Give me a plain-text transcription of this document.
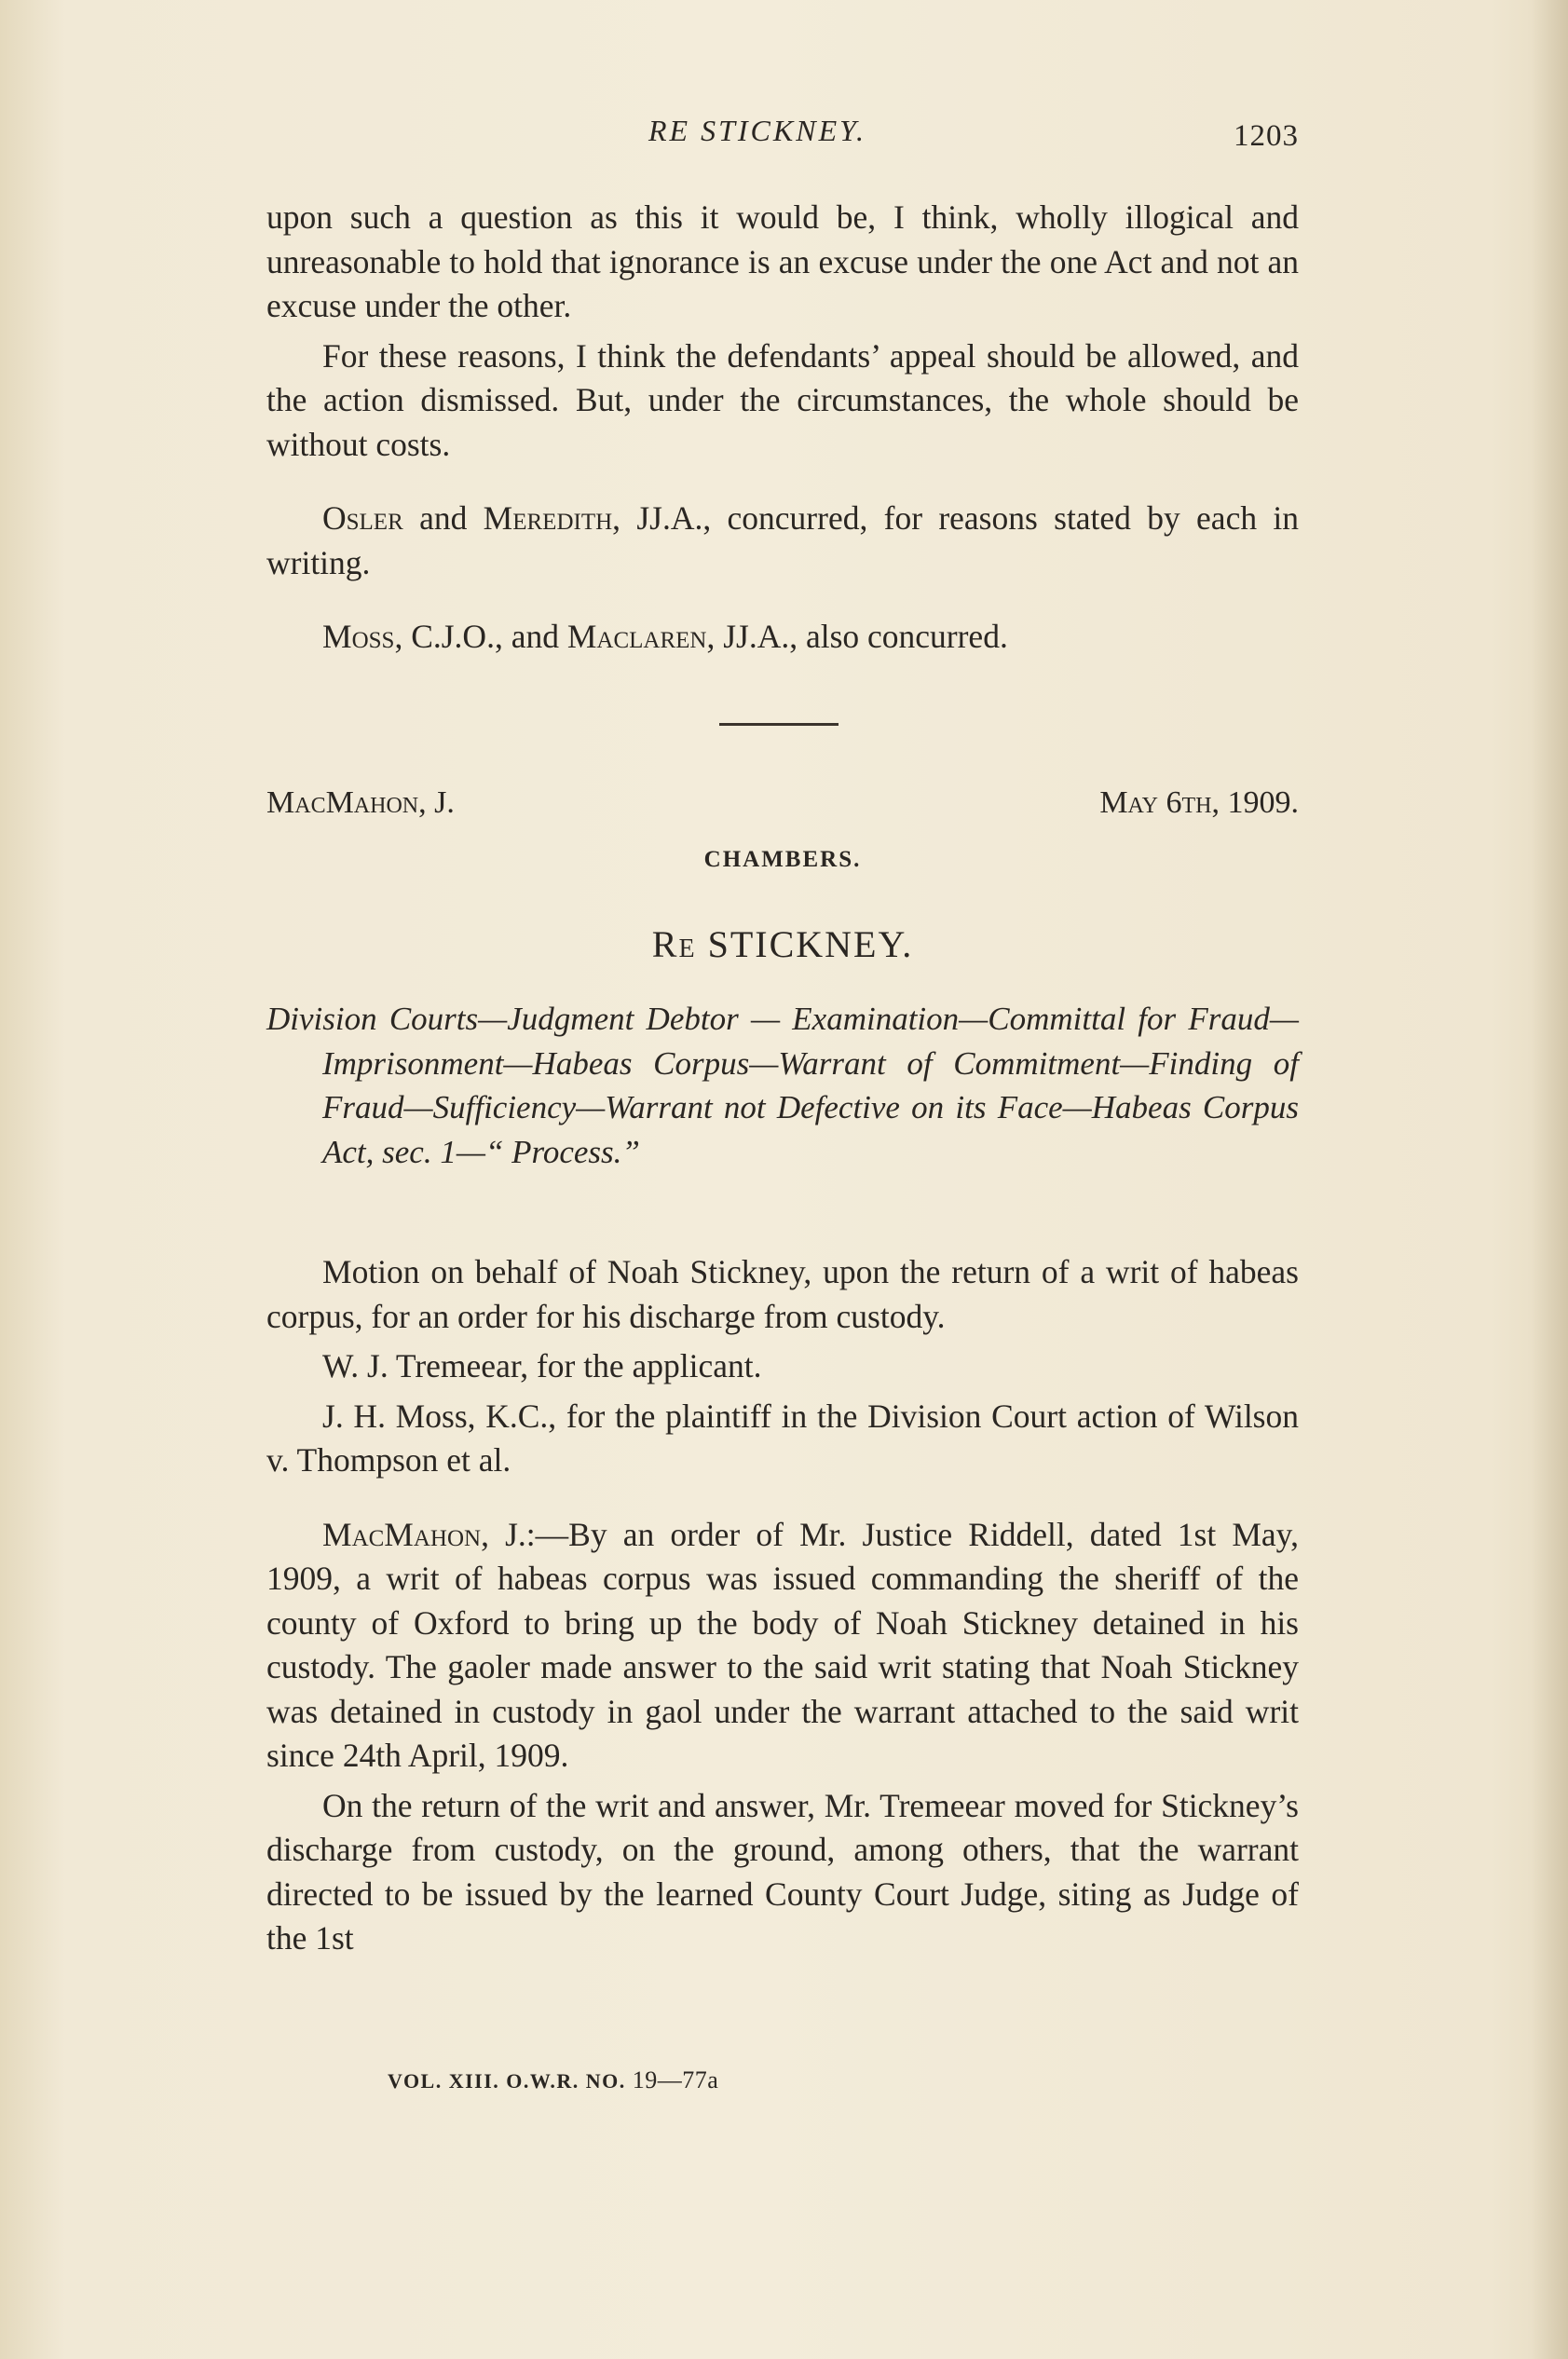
RE STICKNEY.	1203

upon such a question as this it would be, I think, wholly illogical and unreasonable to hold that ignorance is an excuse under the one Act and not an excuse under the other.

For these reasons, I think the defendants’ appeal should be allowed, and the action dismissed. But, under the circumstances, the whole should be without costs.

Osler and Meredith, JJ.A., concurred, for reasons stated by each in writing.

Moss, C.J.O., and Maclaren, JJ.A., also concurred.

MacMahon, J.	May 6th, 1909.
CHAMBERS.
Re STICKNEY.
Division Courts—Judgment Debtor — Examination—Committal for Fraud—Imprisonment—Habeas Corpus—Warrant of Commitment—Finding of Fraud—Sufficiency—Warrant not Defective on its Face—Habeas Corpus Act, sec. 1—“ Process.”

Motion on behalf of Noah Stickney, upon the return of a writ of habeas corpus, for an order for his discharge from custody.

W. J. Tremeear, for the applicant.

J. H. Moss, K.C., for the plaintiff in the Division Court action of Wilson v. Thompson et al.

MacMahon, J.:—By an order of Mr. Justice Riddell, dated 1st May, 1909, a writ of habeas corpus was issued commanding the sheriff of the county of Oxford to bring up the body of Noah Stickney detained in his custody. The gaoler made answer to the said writ stating that Noah Stickney was detained in custody in gaol under the warrant attached to the said writ since 24th April, 1909.

On the return of the writ and answer, Mr. Tremeear moved for Stickney’s discharge from custody, on the ground, among others, that the warrant directed to be issued by the learned County Court Judge, siting as Judge of the 1st

VOL. XIII. O.W.R. NO. 19—77a
